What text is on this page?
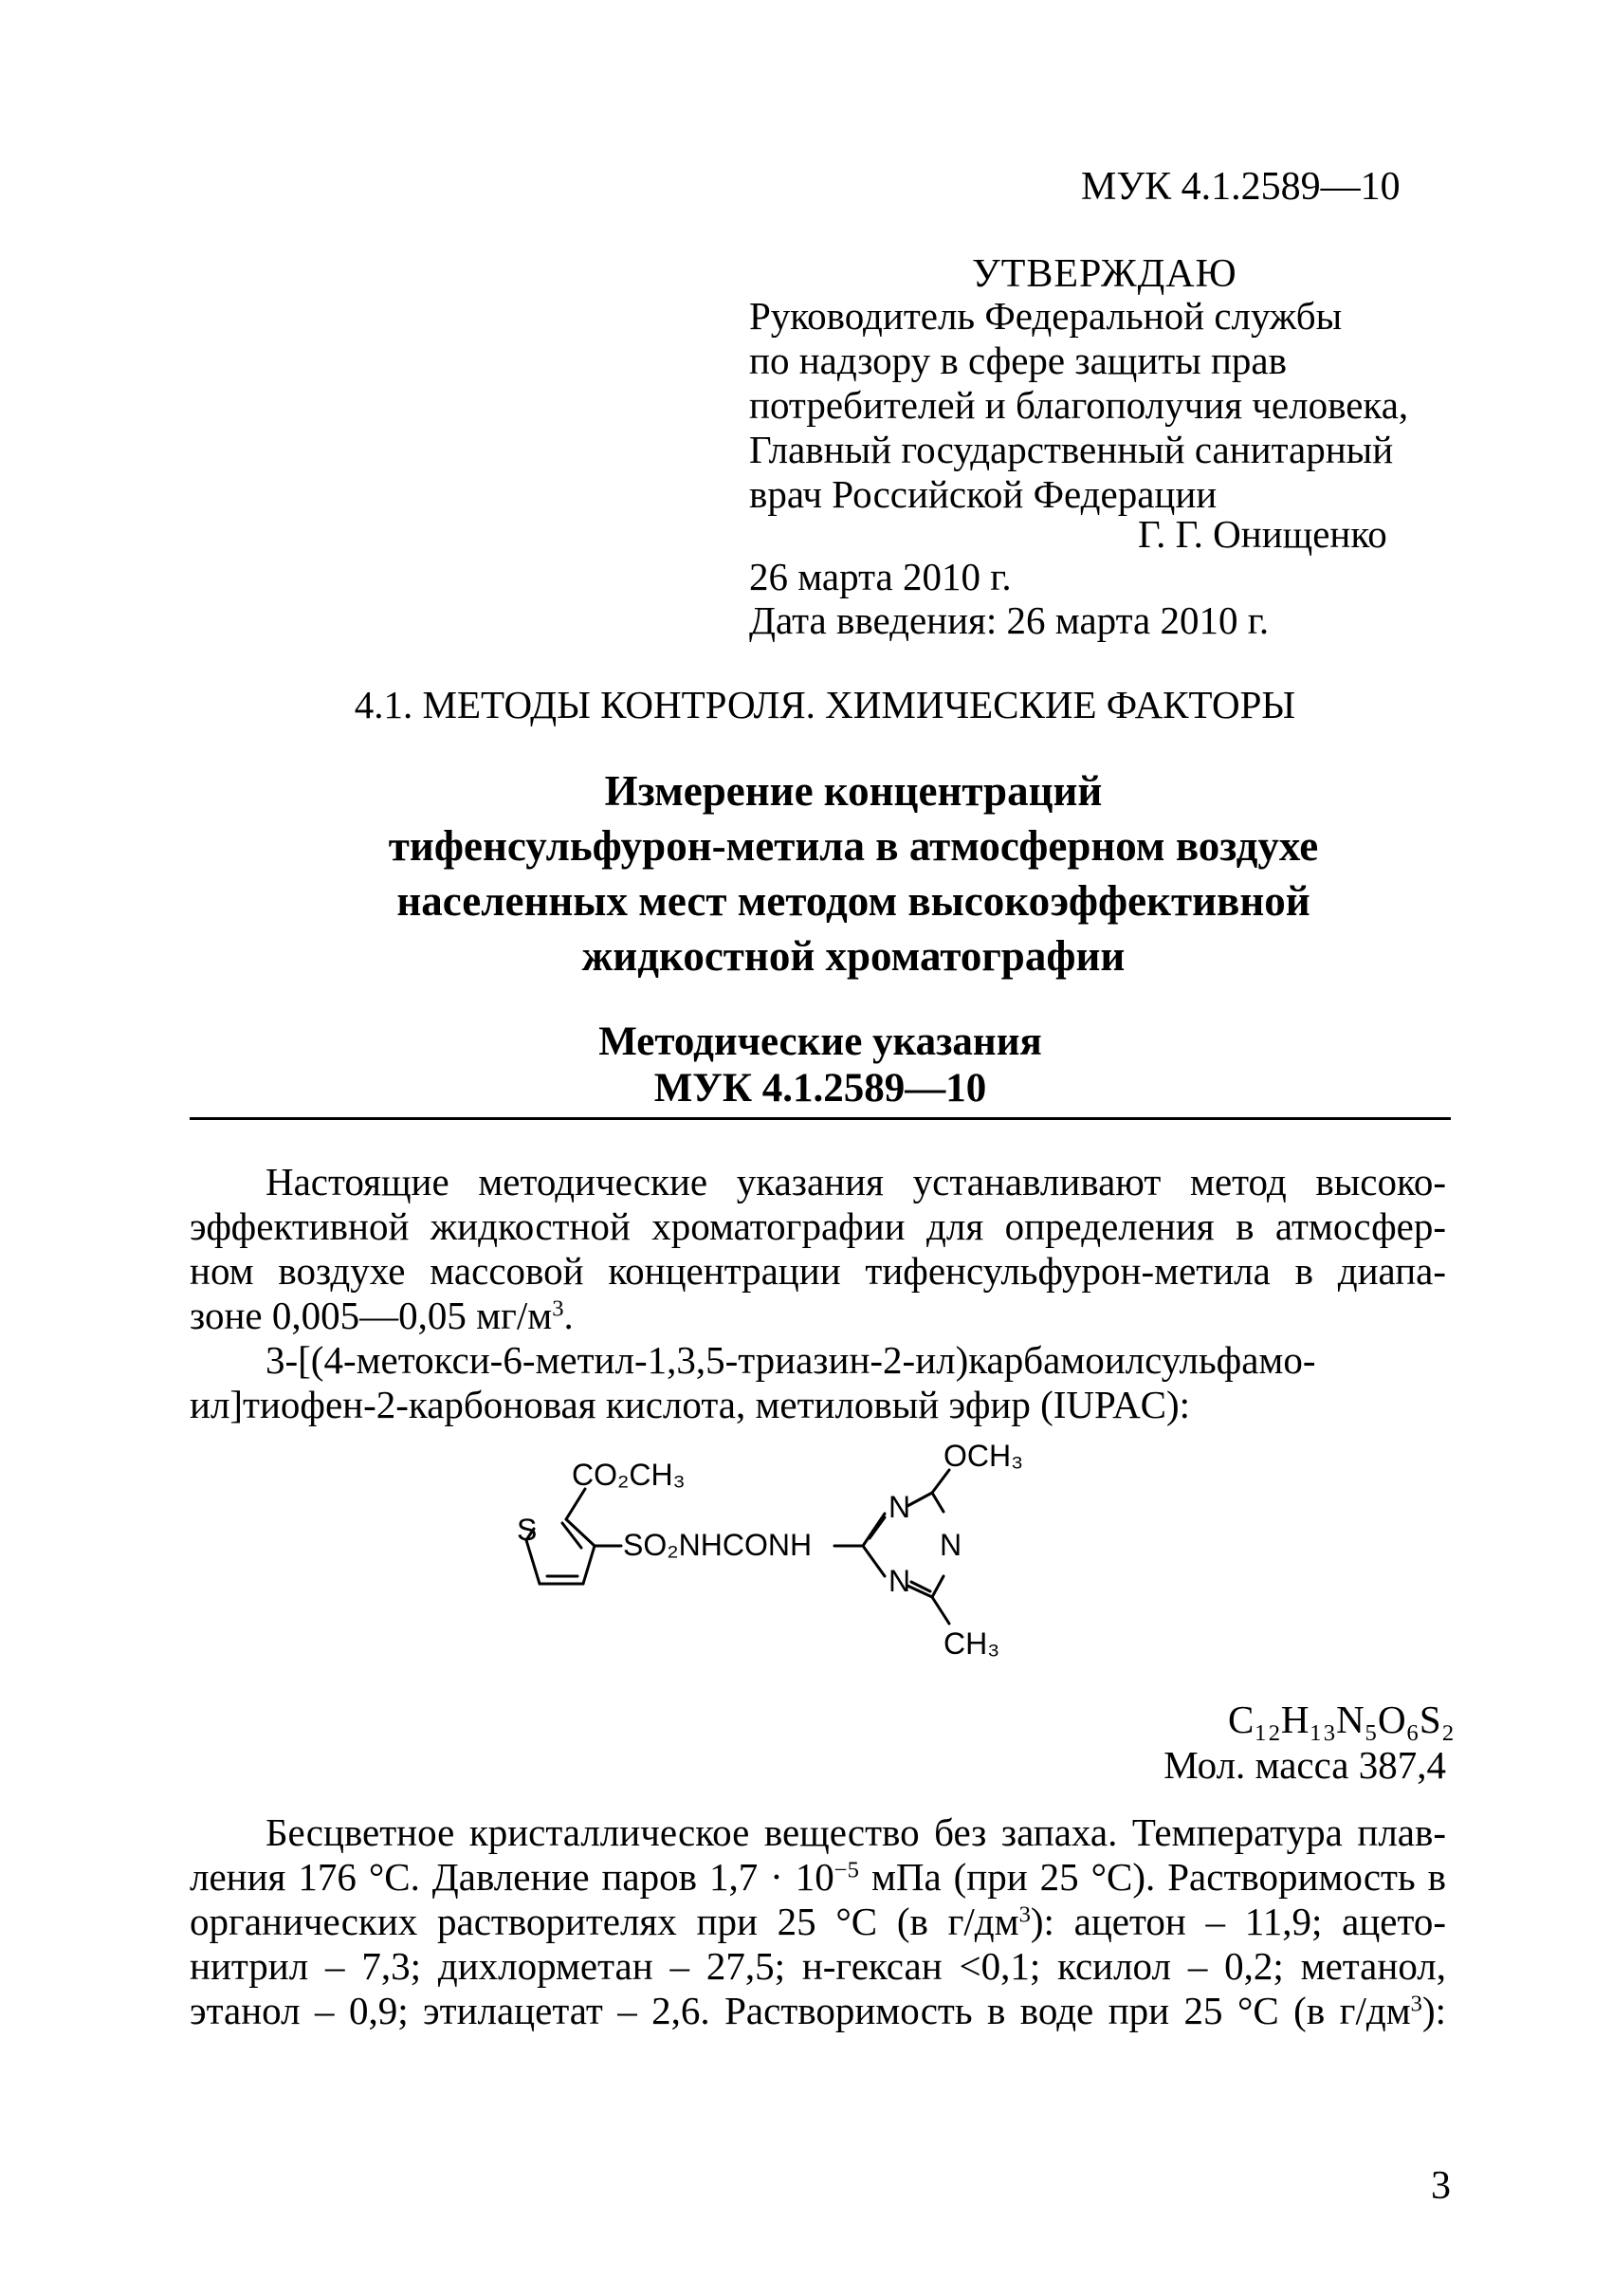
МУК 4.1.2589—10
УТВЕРЖДАЮ
Руководитель Федеральной службы
по надзору в сфере защиты прав
потребителей и благополучия человека,
Главный государственный санитарный
врач Российской Федерации
Г. Г. Онищенко
26 марта 2010 г.
Дата введения: 26 марта 2010 г.
4.1. МЕТОДЫ КОНТРОЛЯ. ХИМИЧЕСКИЕ ФАКТОРЫ
Измерение концентраций
тифенсульфурон-метила в атмосферном воздухе
населенных мест методом высокоэффективной
жидкостной хроматографии
Методические указания
МУК 4.1.2589—10
Настоящие методические указания устанавливают метод высоко-
эффективной жидкостной хроматографии для определения в атмосфер-
ном воздухе массовой концентрации тифенсульфурон-метила в диапа-
зоне 0,005—0,05 $мг/м^3$.
3-[(4-метокси-6-метил-1,3,5-триазин-2-ил)карбамоилсульфамо-
ил]тиофен-2-карбоновая кислота, метиловый эфир (IUPAC):
S
CO₂CH₃
SO₂NHCONH
N
N
N
OCH₃
CH₃
C₁₂H₁₃N₅O₆S₂
Мол. масса 387,4
Бесцветное кристаллическое вещество без запаха. Температура плав-
ления 176 °С. Давление паров $1,7 \cdot 10^{-5}$ мПа (при 25 °С). Растворимость в
органических растворителях при 25 °С (в $г/дм^3$): ацетон – 11,9; ацето-
нитрил – 7,3; дихлорметан – 27,5; н-гексан <0,1; ксилол – 0,2; метанол,
этанол – 0,9; этилацетат – 2,6. Растворимость в воде при 25 °С (в $г/дм^3$):
3
